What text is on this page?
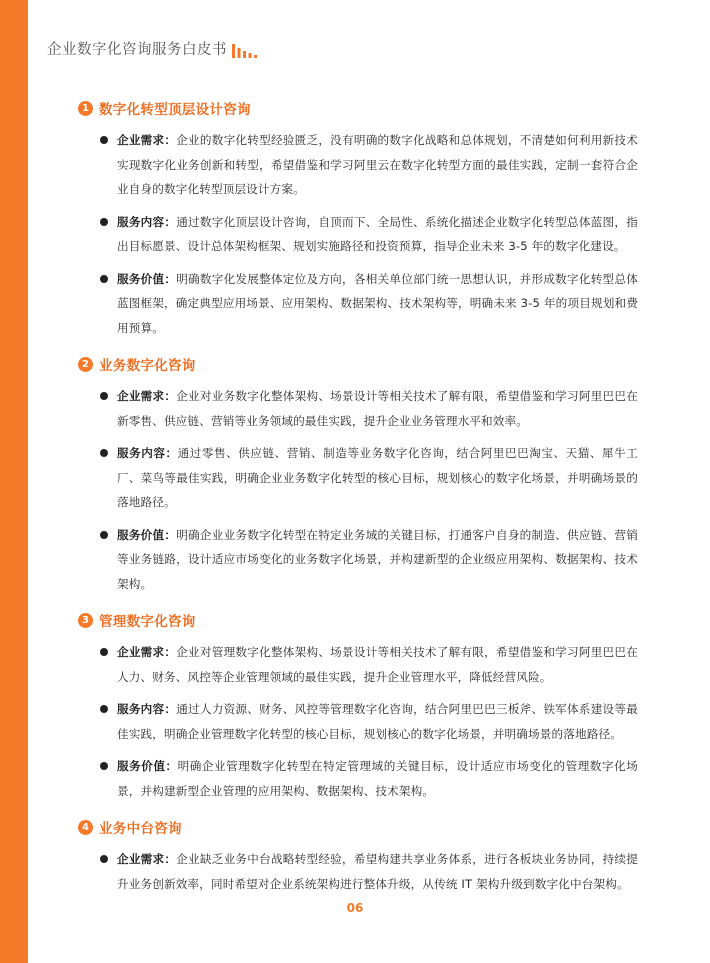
企业数字化咨询服务白皮书
1 数字化转型顶层设计咨询
企业需求：企业的数字化转型经验匮乏，没有明确的数字化战略和总体规划，不清楚如何利用新技术实现数字化业务创新和转型，希望借鉴和学习阿里云在数字化转型方面的最佳实践，定制一套符合企业自身的数字化转型顶层设计方案。
服务内容：通过数字化顶层设计咨询，自顶而下、全局性、系统化描述企业数字化转型总体蓝图，指出目标愿景、设计总体架构框架、规划实施路径和投资预算，指导企业未来 3-5 年的数字化建设。
服务价值：明确数字化发展整体定位及方向，各相关单位部门统一思想认识，并形成数字化转型总体蓝图框架，确定典型应用场景、应用架构、数据架构、技术架构等，明确未来 3-5 年的项目规划和费用预算。
2 业务数字化咨询
企业需求：企业对业务数字化整体架构、场景设计等相关技术了解有限，希望借鉴和学习阿里巴巴在新零售、供应链、营销等业务领域的最佳实践，提升企业业务管理水平和效率。
服务内容：通过零售、供应链、营销、制造等业务数字化咨询，结合阿里巴巴淘宝、天猫、犀牛工厂、菜鸟等最佳实践，明确企业业务数字化转型的核心目标，规划核心的数字化场景，并明确场景的落地路径。
服务价值：明确企业业务数字化转型在特定业务域的关键目标，打通客户自身的制造、供应链、营销等业务链路，设计适应市场变化的业务数字化场景，并构建新型的企业级应用架构、数据架构、技术架构。
3 管理数字化咨询
企业需求：企业对管理数字化整体架构、场景设计等相关技术了解有限，希望借鉴和学习阿里巴巴在人力、财务、风控等企业管理领域的最佳实践，提升企业管理水平，降低经营风险。
服务内容：通过人力资源、财务、风控等管理数字化咨询，结合阿里巴巴三板斧、铁军体系建设等最佳实践，明确企业管理数字化转型的核心目标，规划核心的数字化场景，并明确场景的落地路径。
服务价值：明确企业管理数字化转型在特定管理域的关键目标，设计适应市场变化的管理数字化场景，并构建新型企业管理的应用架构、数据架构、技术架构。
4 业务中台咨询
企业需求：企业缺乏业务中台战略转型经验，希望构建共享业务体系，进行各板块业务协同，持续提升业务创新效率，同时希望对企业系统架构进行整体升级，从传统 IT 架构升级到数字化中台架构。
06
